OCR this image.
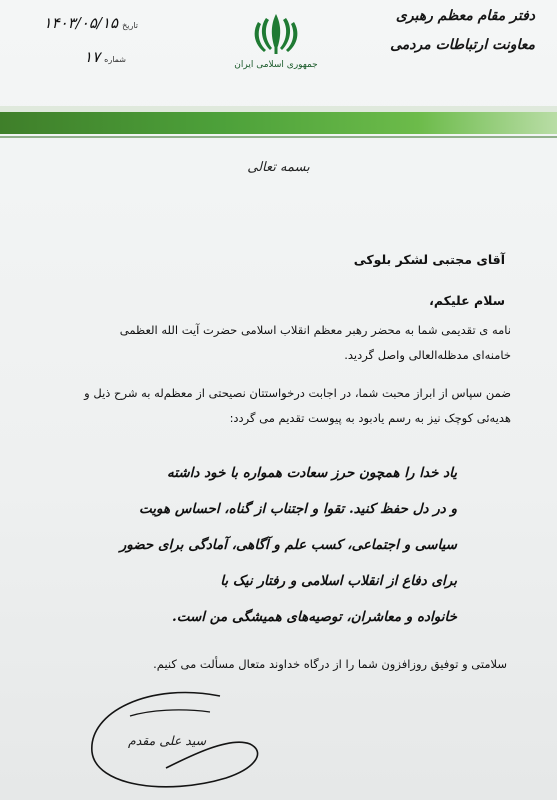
دفتر مقام معظم رهبری
معاونت ارتباطات مردمی
جمهوری اسلامی ایران
تاریخ
۱۴۰۳/۰۵/۱۵
شماره
۱۷
بسمه تعالی
آقای مجتبی لشکر بلوکی
سلام علیکم،
نامه ی تقدیمی شما به محضر رهبر معظم انقلاب اسلامی حضرت آیت الله العظمی
خامنه‌ای مدظله‌العالی واصل گردید.
ضمن سپاس از ابراز محبت شما، در اجابت درخواستتان نصیحتی از معظم‌له به شرح ذیل و
هدیه‌ئی کوچک نیز به رسم یادبود به پیوست تقدیم می گردد:
یاد خدا را همچون حرز سعادت همواره با خود داشته
و در دل حفظ کنید. تقوا و اجتناب از گناه، احساس هویت
سیاسی و اجتماعی، کسب علم و آگاهی، آمادگی برای حضور
برای دفاع از انقلاب اسلامی و رفتار نیک با
خانواده و معاشران، توصیه‌های همیشگی من است.
سلامتی و توفیق روزافزون شما را از درگاه خداوند متعال مسألت می کنیم.
سید علی مقدم
